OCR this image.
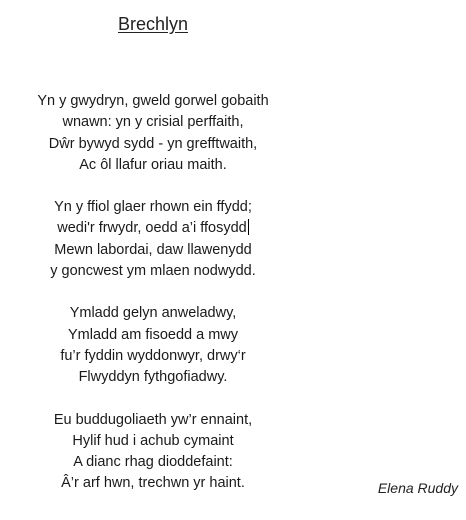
Brechlyn
Yn y gwydryn, gweld gorwel gobaith
wnawn: yn y crisial perffaith,
Dŵr bywyd sydd - yn grefftwaith,
Ac ôl llafur oriau maith.
Yn y ffiol glaer rhown ein ffydd;
wedi'r frwydr, oedd a’i ffosydd
Mewn labordai, daw llawenydd
y goncwest ym mlaen nodwydd.
Ymladd gelyn anweladwy,
Ymladd am fisoedd a mwy
fu’r fyddin wyddonwyr, drwy‘r
Flwyddyn fythgofiadwy.
Eu buddugoliaeth yw’r ennaint,
Hylif hud i achub cymaint
A dianc rhag dioddefaint:
Â’r arf hwn, trechwn yr haint.	Elena Ruddy
